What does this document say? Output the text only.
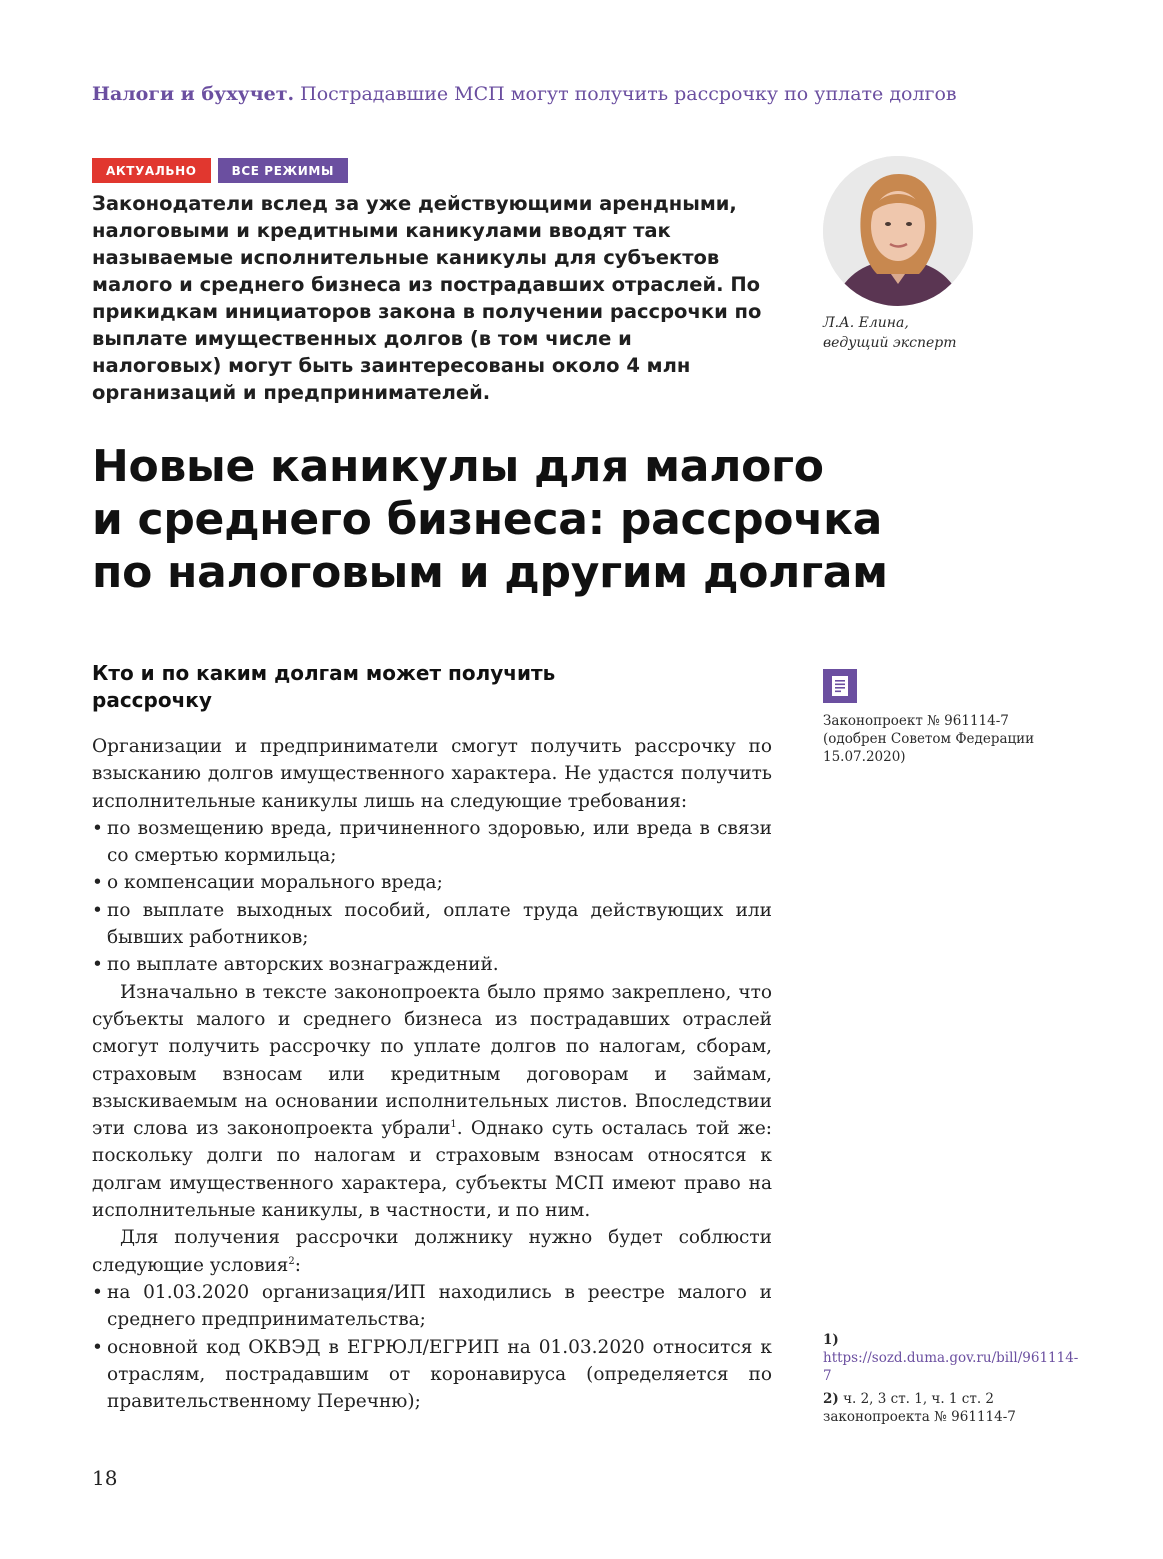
Налоги и бухучет. Пострадавшие МСП могут получить рассрочку по уплате долгов
АКТУАЛЬНО	ВСЕ РЕЖИМЫ

Законодатели вслед за уже действующими арендными, налоговыми и кредитными каникулами вводят так называемые исполнительные каникулы для субъектов малого и среднего бизнеса из пострадавших отраслей. По прикидкам инициаторов закона в получении рассрочки по выплате имущественных долгов (в том числе и налоговых) могут быть заинтересованы около 4 млн организаций и предпринимателей.

Л.А. Елина,
ведущий эксперт
Новые каникулы для малого
и среднего бизнеса: рассрочка
по налоговым и другим долгам
Кто и по каким долгам может получить рассрочку
Законопроект № 961114-7
(одобрен Советом Федерации 15.07.2020)

Организации и предприниматели смогут получить рассрочку по взысканию долгов имущественного характера. Не удастся получить исполнительные каникулы лишь на следующие требования:

• по возмещению вреда, причиненного здоровью, или вреда в связи со смертью кормильца;
• о компенсации морального вреда;
• по выплате выходных пособий, оплате труда действующих или бывших работников;
• по выплате авторских вознаграждений.

Изначально в тексте законопроекта было прямо закреплено, что субъекты малого и среднего бизнеса из пострадавших отраслей смогут получить рассрочку по уплате долгов по налогам, сборам, страховым взносам или кредитным договорам и займам, взыскиваемым на основании исполнительных листов. Впоследствии эти слова из законопроекта убрали$^1$. Однако суть осталась той же: поскольку долги по налогам и страховым взносам относятся к долгам имущественного характера, субъекты МСП имеют право на исполнительные каникулы, в частности, и по ним.

Для получения рассрочки должнику нужно будет соблюсти следующие условия$^2$:

• на 01.03.2020 организация/ИП находились в реестре малого и среднего предпринимательства;
• основной код ОКВЭД в ЕГРЮЛ/ЕГРИП на 01.03.2020 относится к отраслям, пострадавшим от коронавируса (определяется по правительственному Перечню);
1) https://sozd.duma.gov.ru/bill/961114-7
2) ч. 2, 3 ст. 1, ч. 1 ст. 2 законопроекта № 961114-7
18
